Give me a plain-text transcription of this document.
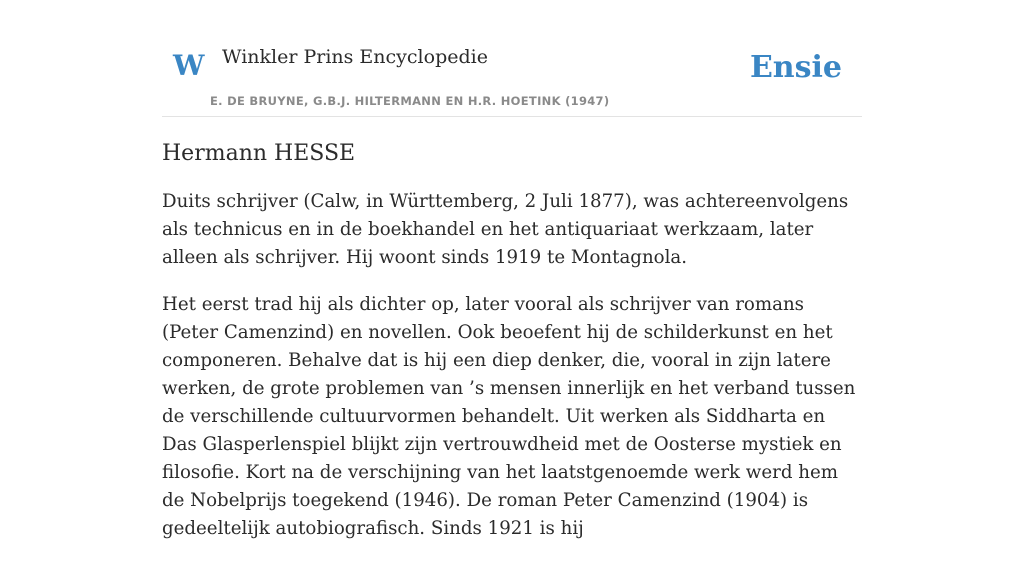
W Winkler Prins Encyclopedie
E. DE BRUYNE, G.B.J. HILTERMANN EN H.R. HOETINK (1947)
Ensie
Hermann HESSE

Duits schrijver (Calw, in Württemberg, 2 Juli 1877), was achtereenvolgens als technicus en in de boekhandel en het antiquariaat werkzaam, later alleen als schrijver. Hij woont sinds 1919 te Montagnola.

Het eerst trad hij als dichter op, later vooral als schrijver van romans (Peter Camenzind) en novellen. Ook beoefent hij de schilderkunst en het componeren. Behalve dat is hij een diep denker, die, vooral in zijn latere werken, de grote problemen van ’s mensen innerlijk en het verband tussen de verschillende cultuurvormen behandelt. Uit werken als Siddharta en Das Glasperlenspiel blijkt zijn vertrouwdheid met de Oosterse mystiek en filosofie. Kort na de verschijning van het laatstgenoemde werk werd hem de Nobelprijs toegekend (1946). De roman Peter Camenzind (1904) is gedeeltelijk autobiografisch. Sinds 1921 is hij
